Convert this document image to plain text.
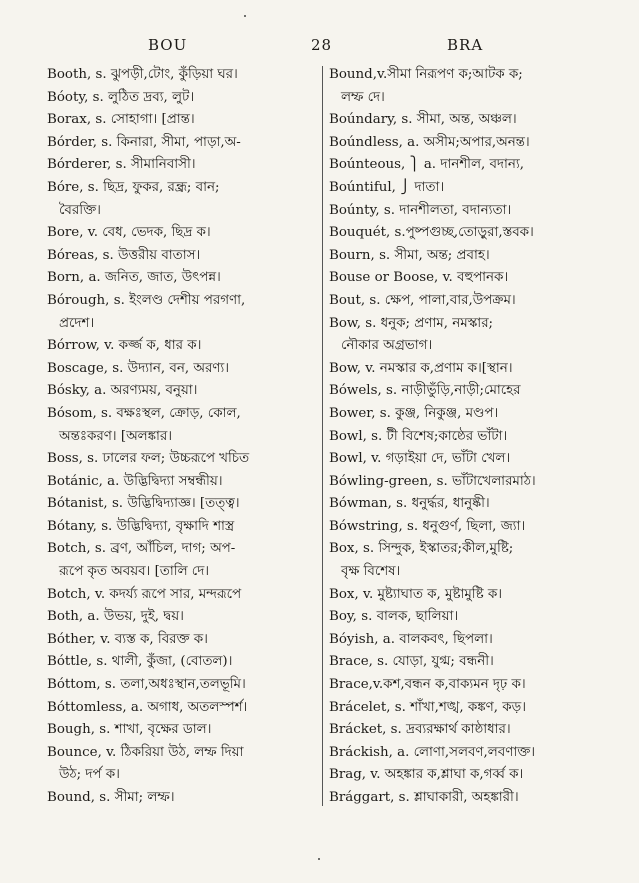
BOU	28	BRA
Booth, s. ঝুপড়ী,টোং, কুঁড়িয়া ঘর।
Bóoty, s. লুঠিত দ্রব্য, লুট।
Borax, s. সোহাগা। [প্রান্ত।
Bórder, s. কিনারা, সীমা, পাড়া,অ-
Bórderer, s. সীমানিবাসী।
Bóre, s. ছিদ্র, ফুকর, রন্ধ্র; বান;
বৈরক্তি।
Bore, v. বেধ, ভেদক, ছিদ্র ক।
Bóreas, s. উত্তরীয় বাতাস।
Born, a. জনিত, জাত, উৎপন্ন।
Bórough, s. ইংলণ্ড দেশীয় পরগণা,
প্রদেশ।
Bórrow, v. কর্জ্জ ক, ধার ক।
Boscage, s. উদ্যান, বন, অরণ্য।
Bósky, a. অরণ্যময়, বনুয়া।
Bósom, s. বক্ষঃস্থল, ক্রোড়, কোল,
অন্তঃকরণ। [অলঙ্কার।
Boss, s. ঢালের ফল; উচ্চরূপে খচিত
Botánic, a. উদ্ভিদ্বিদ্যা সম্বন্ধীয়।
Bótanist, s. উদ্ভিদ্বিদ্যাজ্ঞ। [তত্ত্ব।
Bótany, s. উদ্ভিদ্বিদ্যা, বৃক্ষাদি শাস্ত্র
Botch, s. ব্রণ, আঁচিল, দাগ; অপ-
রূপে কৃত অবয়ব। [তালি দে।
Botch, v. কদর্য্য রূপে সার, মন্দরূপে
Both, a. উভয়, দুই, দ্বয়।
Bóther, v. ব্যস্ত ক, বিরক্ত ক।
Bóttle, s. থালী, কুঁজা, (বোতল)।
Bóttom, s. তলা,অধঃস্থান,তলভূমি।
Bóttomless, a. অগাধ, অতলস্পর্শ।
Bough, s. শাখা, বৃক্ষের ডাল।
Bounce, v. ঠিকরিয়া উঠ, লম্ফ দিয়া
উঠ; দর্প ক।
Bound, s. সীমা; লম্ফ।
Bound,v.সীমা নিরূপণ ক;আটক ক;
লম্ফ দে।
Boúndary, s. সীমা, অন্ত, অঞ্চল।
Boúndless, a. অসীম;অপার,অনন্ত।
Boúnteous, ⎫ a. দানশীল, বদান্য,
Boúntiful, ⎭ দাতা।
Boúnty, s. দানশীলতা, বদান্যতা।
Bouquét, s.পুষ্পগুচ্ছ,তোড়ুরা,স্তবক।
Bourn, s. সীমা, অন্ত; প্রবাহ।
Bouse or Boose, v. বহুপানক।
Bout, s. ক্ষেপ, পালা,বার,উপক্রম।
Bow, s. ধনুক; প্রণাম, নমস্কার;
নৌকার অগ্রভাগ।
Bow, v. নমস্কার ক,প্রণাম ক।[স্থান।
Bówels, s. নাড়ীভুঁড়ি,নাড়ী;মোহের
Bower, s. কুঞ্জ, নিকুঞ্জ, মণ্ডপ।
Bowl, s. টী বিশেষ;কাষ্ঠের ভাঁটা।
Bowl, v. গড়াইয়া দে, ভাঁটা খেল।
Bówling-green, s. ভাঁটাখেলারমাঠ।
Bówman, s. ধনুর্দ্ধর, ধানুষ্কী।
Bówstring, s. ধনুগুর্ণ, ছিলা, জ্যা।
Box, s. সিন্দুক, ইস্কাতর;কীল,মুষ্টি;
বৃক্ষ বিশেষ।
Box, v. মুষ্ট্যাঘাত ক, মুষ্টামুষ্টি ক।
Boy, s. বালক, ছালিয়া।
Bóyish, a. বালকবৎ, ছিপলা।
Brace, s. যোড়া, যুগ্ম; বন্ধনী।
Brace,v.কশ,বন্ধন ক,বাক্যমন দৃঢ় ক।
Brácelet, s. শাঁখা,শঙ্খ, কঙ্কণ, কড়।
Brácket, s. দ্রব্যরক্ষার্থ কাষ্ঠাধার।
Bráckish, a. লোণা,সলবণ,লবণাক্ত।
Brag, v. অহঙ্কার ক,শ্লাঘা ক,গর্ব্ব ক।
Brággart, s. শ্লাঘাকারী, অহঙ্কারী।
